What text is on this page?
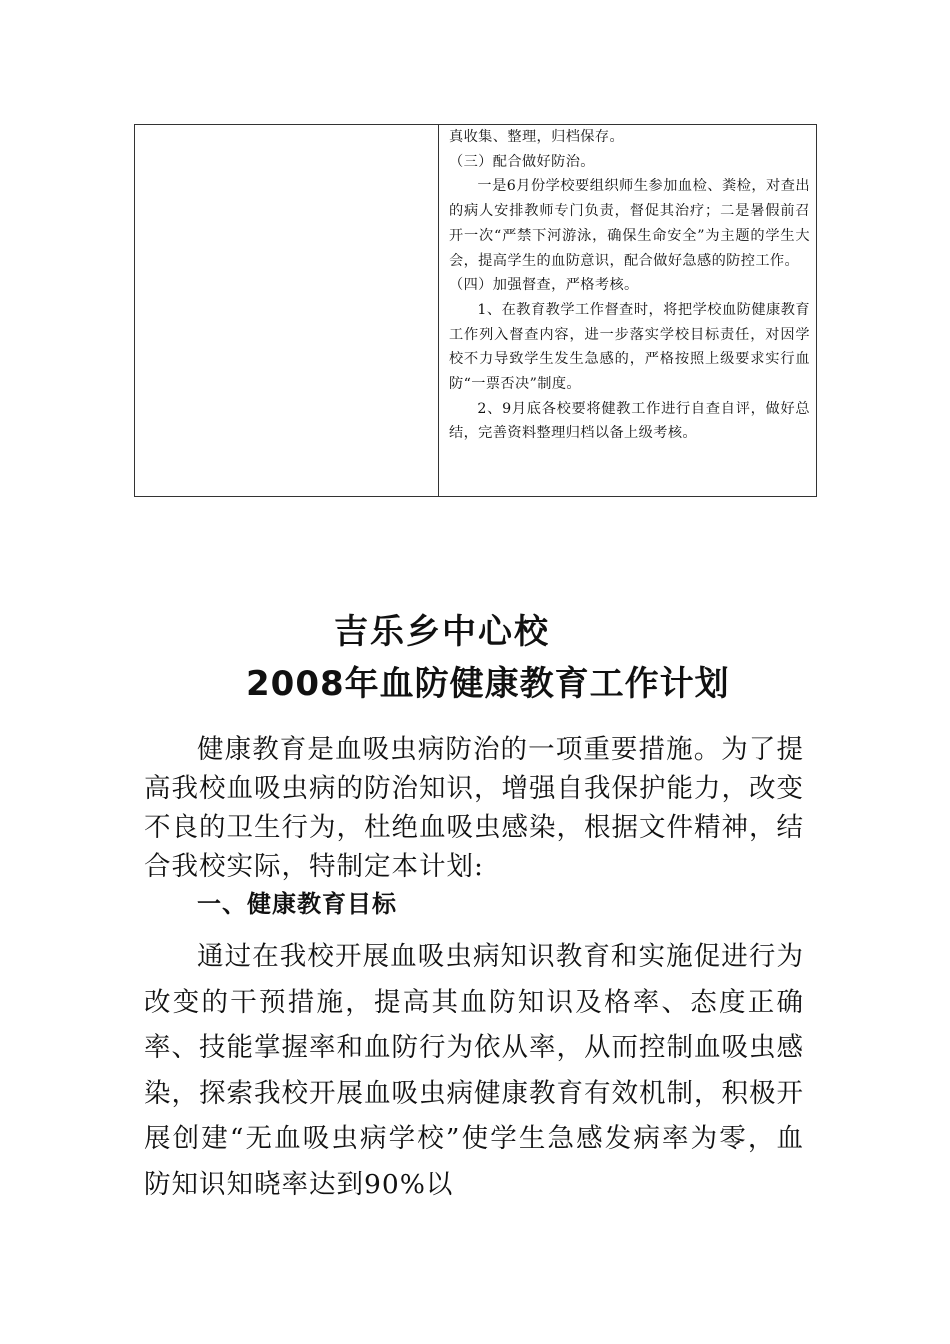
真收集、整理，归档保存。

（三）配合做好防治。

一是6月份学校要组织师生参加血检、粪检，对查出的病人安排教师专门负责，督促其治疗；二是暑假前召开一次“严禁下河游泳，确保生命安全”为主题的学生大会，提高学生的血防意识，配合做好急感的防控工作。

（四）加强督查，严格考核。

1、在教育教学工作督查时，将把学校血防健康教育工作列入督查内容，进一步落实学校目标责任，对因学校不力导致学生发生急感的，严格按照上级要求实行血防“一票否决”制度。

2、9月底各校要将健教工作进行自查自评，做好总结，完善资料整理归档以备上级考核。

吉乐乡中心校
2008年血防健康教育工作计划

健康教育是血吸虫病防治的一项重要措施。为了提高我校血吸虫病的防治知识，增强自我保护能力，改变不良的卫生行为，杜绝血吸虫感染，根据文件精神，结合我校实际，特制定本计划:

一、健康教育目标

通过在我校开展血吸虫病知识教育和实施促进行为改变的干预措施，提高其血防知识及格率、态度正确率、技能掌握率和血防行为依从率，从而控制血吸虫感染，探索我校开展血吸虫病健康教育有效机制，积极开展创建“无血吸虫病学校”使学生急感发病率为零，血防知识知晓率达到90%以
